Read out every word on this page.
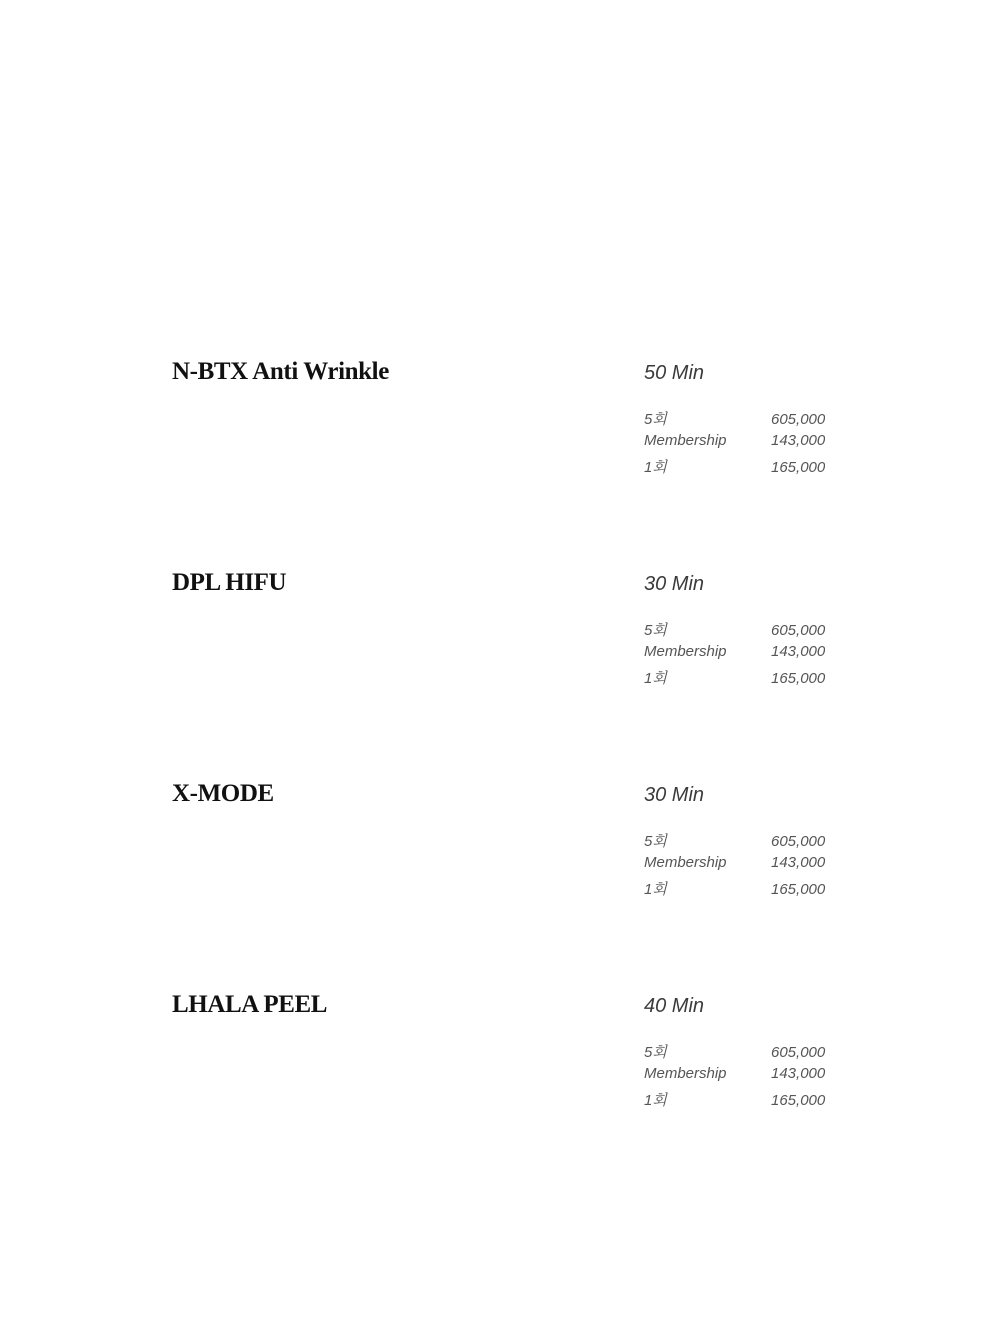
N-BTX Anti Wrinkle	50 Min
5회	605,000
Membership	143,000
1회	165,000
DPL HIFU	30 Min
5회	605,000
Membership	143,000
1회	165,000
X-MODE	30 Min
5회	605,000
Membership	143,000
1회	165,000
LHALA PEEL	40 Min
5회	605,000
Membership	143,000
1회	165,000
